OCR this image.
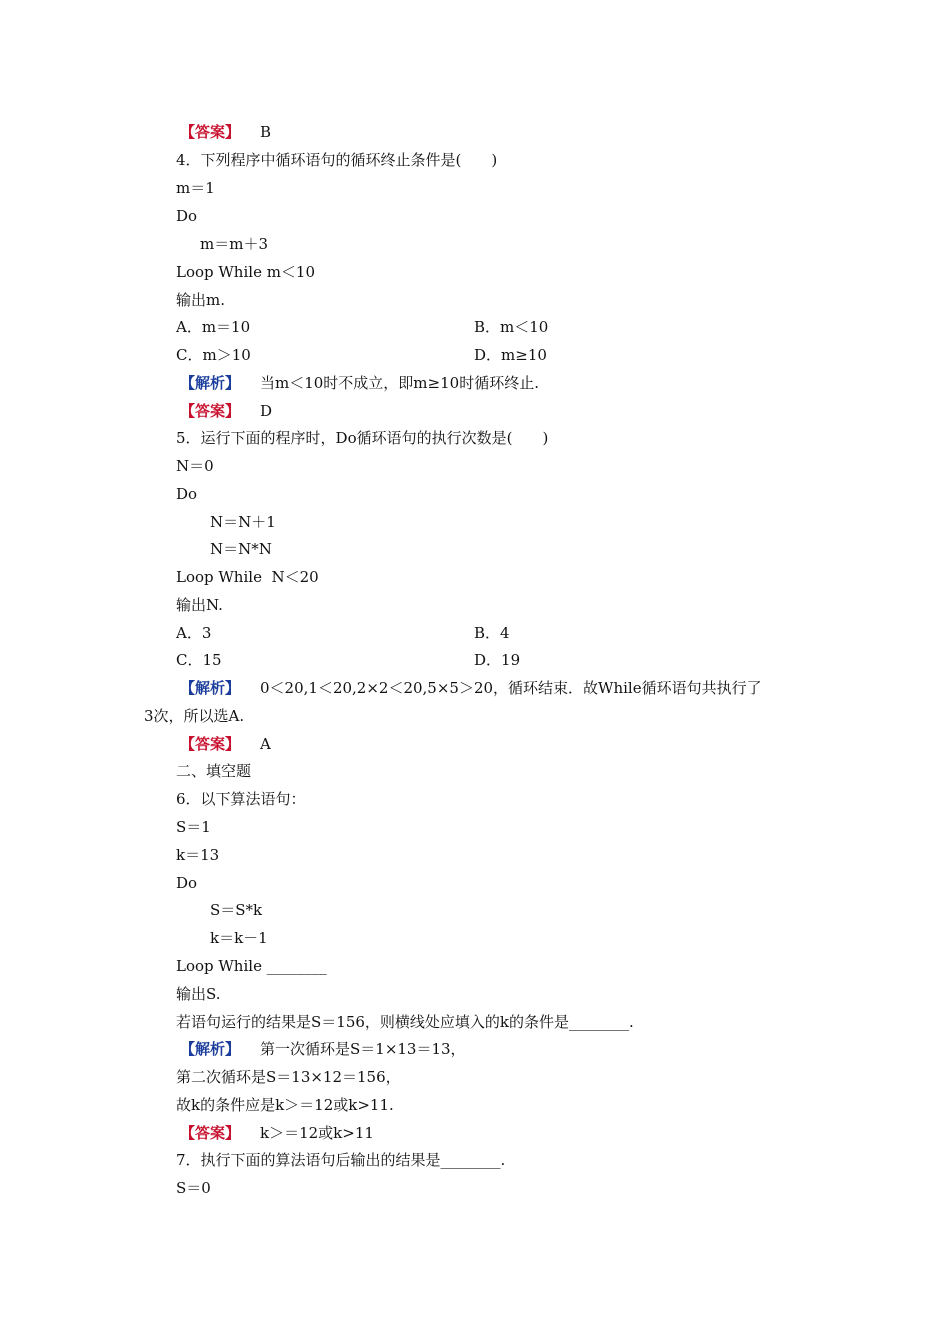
【答案】 B
4．下列程序中循环语句的循环终止条件是(　　)
m＝1
Do
m＝m＋3
Loop While m＜10
输出m.
A．m＝10	B．m＜10
C．m＞10	D．m≥10
【解析】 当m＜10时不成立，即m≥10时循环终止.
【答案】 D
5．运行下面的程序时，Do循环语句的执行次数是(　　)
N＝0
Do
N＝N＋1
N＝N*N
Loop While  N＜20
输出N.
A．3	B．4
C．15	D．19
【解析】 0＜20,1＜20,2×2＜20,5×5＞20，循环结束．故While循环语句共执行了
3次，所以选A.
【答案】 A
二、填空题
6．以下算法语句：
S＝1
k＝13
Do
S＝S*k
k＝k－1
Loop While ________
输出S.
若语句运行的结果是S＝156，则横线处应填入的k的条件是________.
【解析】 第一次循环是S＝1×13＝13，
第二次循环是S＝13×12＝156，
故k的条件应是k＞＝12或k>11.
【答案】 k＞＝12或k>11
7．执行下面的算法语句后输出的结果是________.
S＝0
